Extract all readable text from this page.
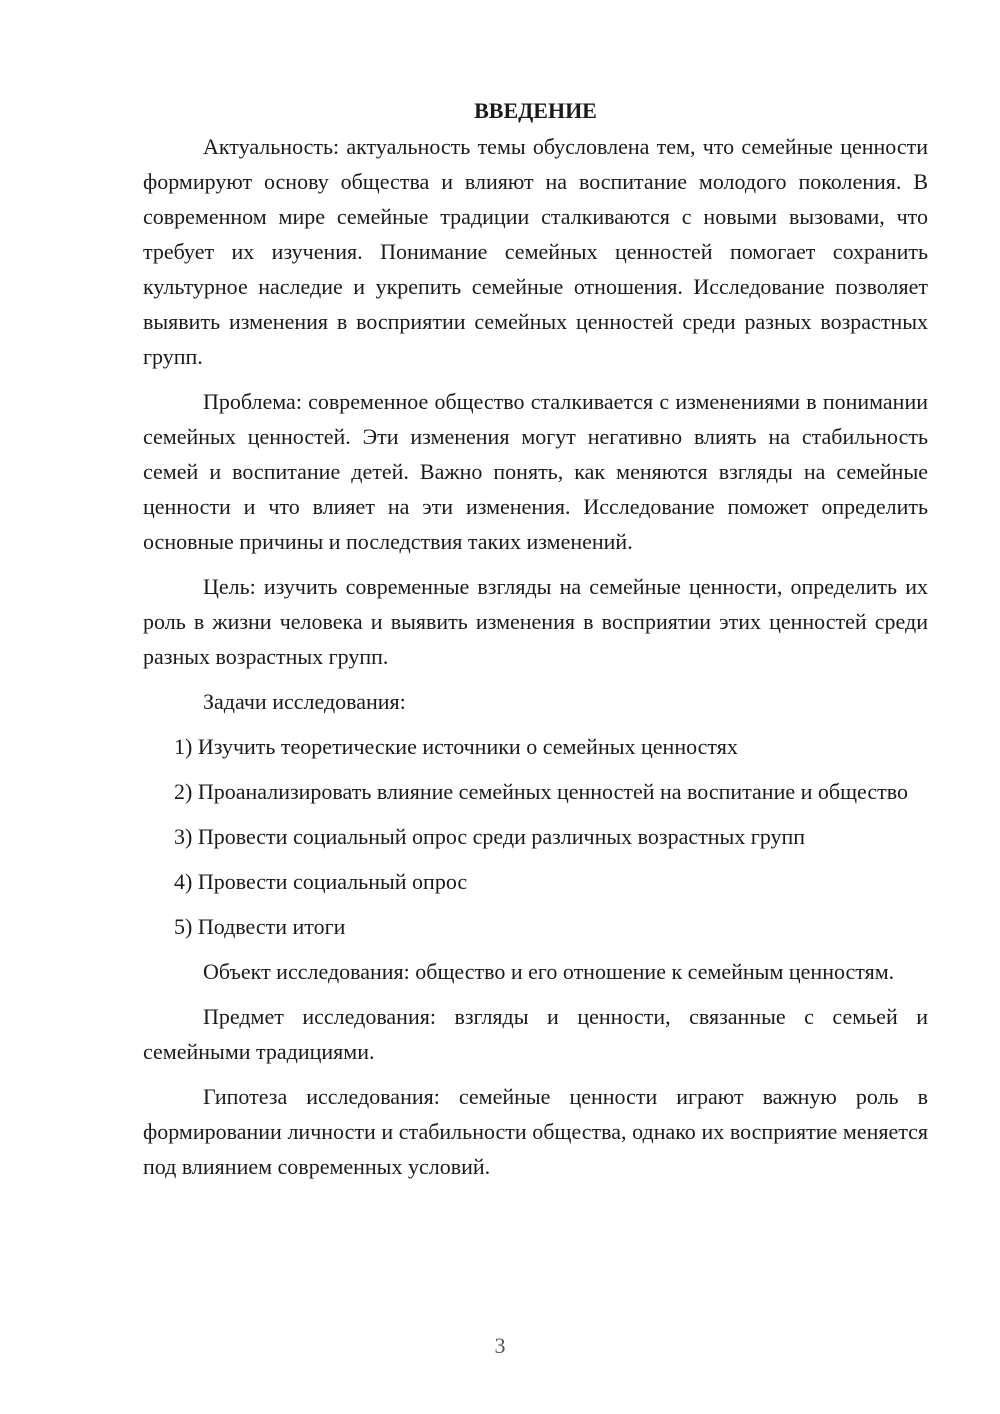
ВВЕДЕНИЕ

Актуальность: актуальность темы обусловлена тем, что семейные ценности формируют основу общества и влияют на воспитание молодого поколения. В современном мире семейные традиции сталкиваются с новыми вызовами, что требует их изучения. Понимание семейных ценностей помогает сохранить культурное наследие и укрепить семейные отношения. Исследование позволяет выявить изменения в восприятии семейных ценностей среди разных возрастных групп.

Проблема: современное общество сталкивается с изменениями в понимании семейных ценностей. Эти изменения могут негативно влиять на стабильность семей и воспитание детей. Важно понять, как меняются взгляды на семейные ценности и что влияет на эти изменения. Исследование поможет определить основные причины и последствия таких изменений.

Цель: изучить современные взгляды на семейные ценности, определить их роль в жизни человека и выявить изменения в восприятии этих ценностей среди разных возрастных групп.

Задачи исследования:

1) Изучить теоретические источники о семейных ценностях

2) Проанализировать влияние семейных ценностей на воспитание и общество

3) Провести социальный опрос среди различных возрастных групп

4) Провести социальный опрос

5) Подвести итоги

Объект исследования: общество и его отношение к семейным ценностям.

Предмет исследования: взгляды и ценности, связанные с семьей и семейными традициями.

Гипотеза исследования: семейные ценности играют важную роль в формировании личности и стабильности общества, однако их восприятие меняется под влиянием современных условий.

3
